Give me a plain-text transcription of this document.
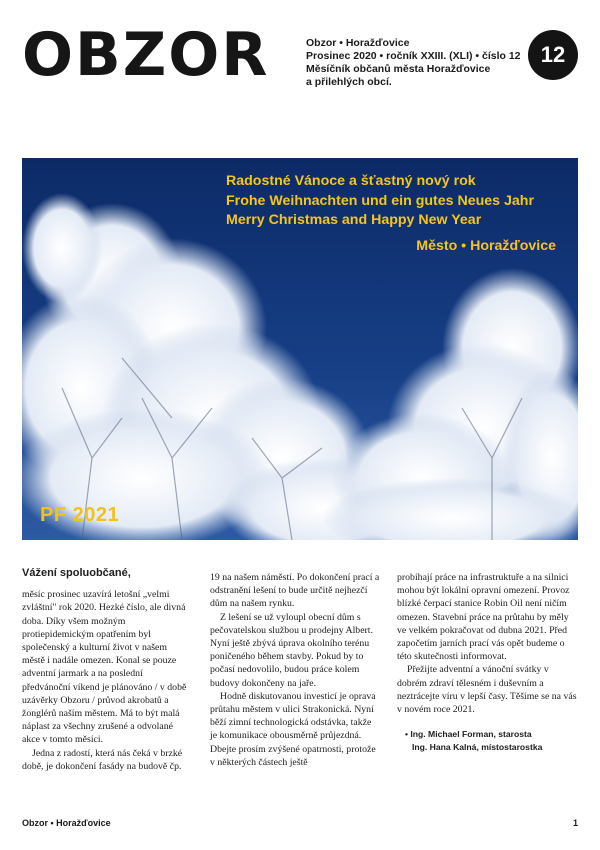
OBZOR	Obzor • Horažďovice
Prosinec 2020 • ročník XXIII. (XLI) • číslo 12
Měsíčník občanů města Horažďovice
a přilehlých obcí.
12
Radostné Vánoce a šťastný nový rok
Frohe Weihnachten und ein gutes Neues Jahr
Merry Christmas and Happy New Year
Město • Horažďovice
PF 2021
Vážení spoluobčané,

měsíc prosinec uzavírá letošní „velmi zvláštní" rok 2020. Hezké číslo, ale divná doba. Díky všem možným protiepidemickým opatřením byl společenský a kulturní život v našem městě i nadále omezen. Konal se pouze adventní jarmark a na poslední předvánoční víkend je plánováno / v době uzávěrky Obzoru / průvod akrobatů a žonglérů naším městem. Má to být malá náplast za všechny zrušené a odvolané akce v tomto měsíci.

Jedna z radostí, která nás čeká v brzké době, je dokončení fasády na budově čp.

19 na našem náměstí. Po dokončení prací a odstranění lešení to bude určitě nejhezčí dům na našem rynku.

Z lešení se už vyloupl obecní dům s pečovatelskou službou u prodejny Albert. Nyní ještě zbývá úprava okolního terénu poničeného během stavby. Pokud by to počasí nedovolilo, budou práce kolem budovy dokončeny na jaře.

Hodně diskutovanou investicí je oprava průtahu městem v ulici Strakonická. Nyní běží zimní technologická odstávka, takže je komunikace obousměrně průjezdná. Dbejte prosím zvýšené opatrnosti, protože v některých částech ještě

probíhají práce na infrastruktuře a na silnici mohou být lokální opravní omezení. Provoz blízké čerpací stanice Robin Oil není ničím omezen. Stavební práce na průtahu by měly ve velkém pokračovat od dubna 2021. Před započetím jarních prací vás opět budeme o této skutečnosti informovat.

Přežijte adventní a vánoční svátky v dobrém zdraví tělesném i duševním a neztrácejte víru v lepší časy. Těšíme se na vás v novém roce 2021.

• Ing. Michael Forman, starosta
Ing. Hana Kalná, místostarostka
Obzor • Horažďovice	1
